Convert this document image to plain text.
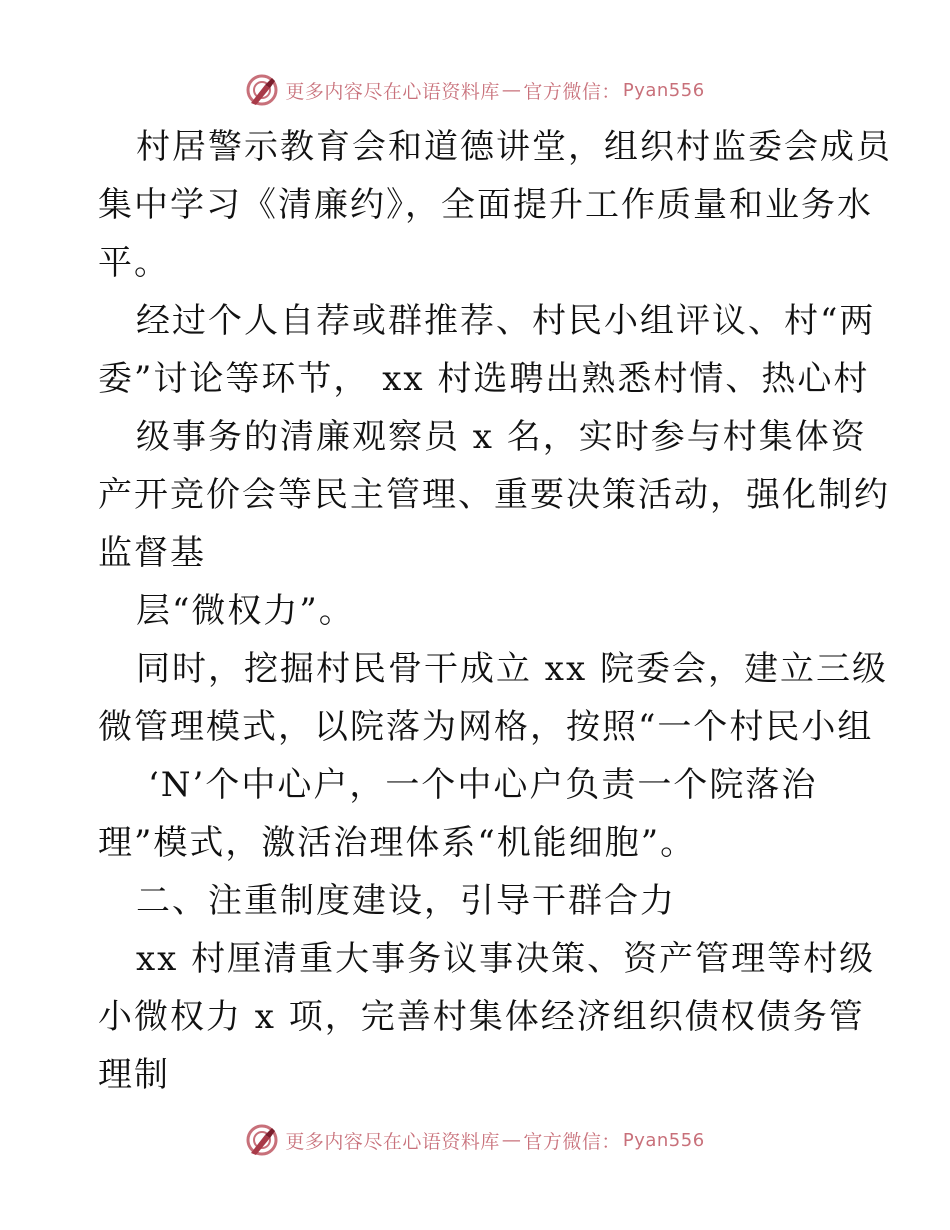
更多内容尽在心语资料库 — 官方微信： Pyan556
村居警示教育会和道德讲堂，组织村监委会成员
集中学习《清廉约》，全面提升工作质量和业务水
平。
经过个人自荐或群推荐、村民小组评议、村“两
委”讨论等环节， xx 村选聘出熟悉村情、热心村
级事务的清廉观察员 x 名，实时参与村集体资
产开竞价会等民主管理、重要决策活动，强化制约
监督基
层“微权力”。
同时，挖掘村民骨干成立 xx 院委会，建立三级
微管理模式，以院落为网格，按照“一个村民小组
‘N’个中心户，一个中心户负责一个院落治
理”模式，激活治理体系“机能细胞”。
二、注重制度建设，引导干群合力
xx 村厘清重大事务议事决策、资产管理等村级
小微权力 x 项，完善村集体经济组织债权债务管
理制
更多内容尽在心语资料库 — 官方微信： Pyan556
